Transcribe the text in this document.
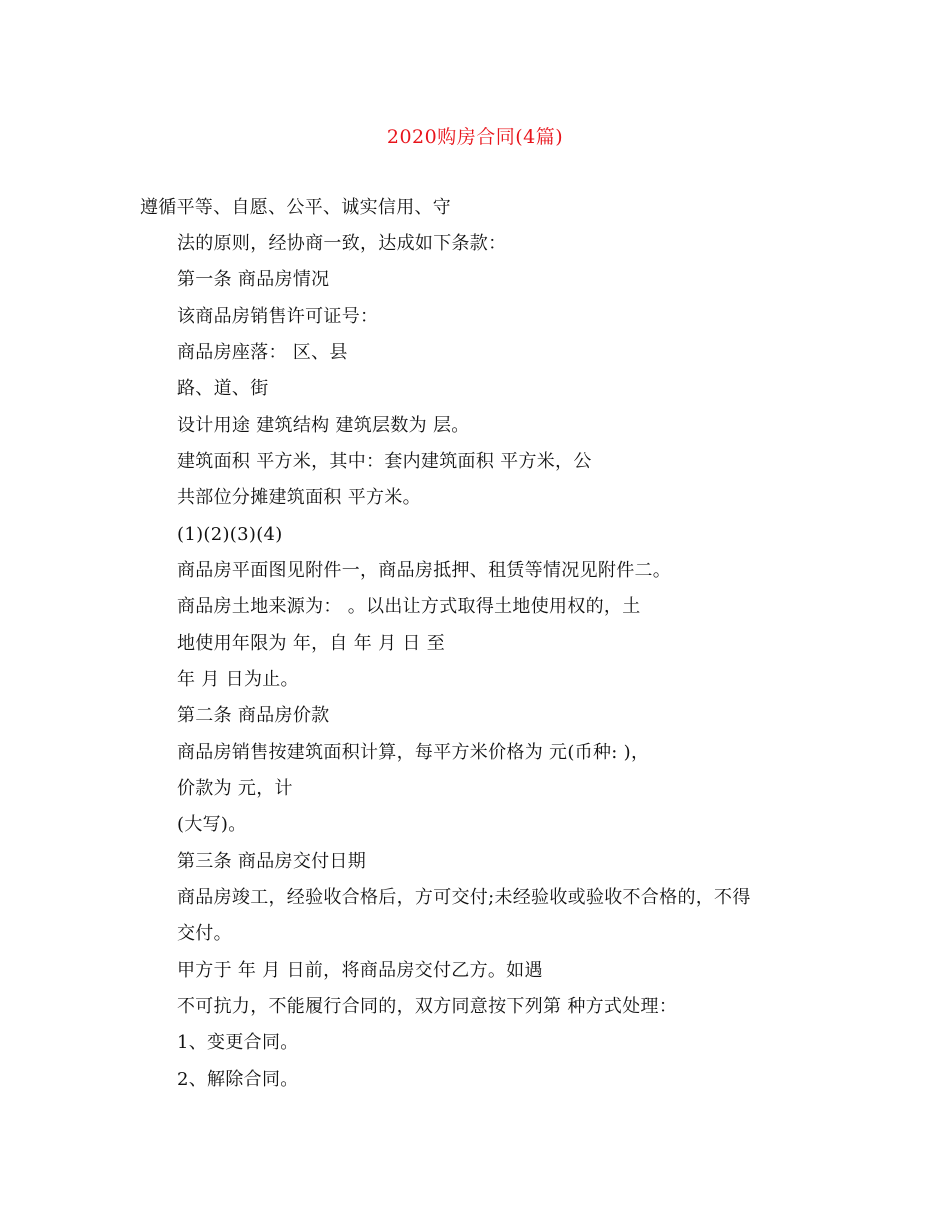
2020购房合同(4篇)
遵循平等、自愿、公平、诚实信用、守
法的原则，经协商一致，达成如下条款：
第一条 商品房情况
该商品房销售许可证号：
商品房座落： 区、县
路、道、街
设计用途 建筑结构 建筑层数为 层。
建筑面积 平方米，其中：套内建筑面积 平方米，公
共部位分摊建筑面积 平方米。
(1)(2)(3)(4)
商品房平面图见附件一，商品房抵押、租赁等情况见附件二。
商品房土地来源为： 。以出让方式取得土地使用权的，土
地使用年限为 年，自 年 月 日 至
年 月 日为止。
第二条 商品房价款
商品房销售按建筑面积计算，每平方米价格为 元(币种: )，
价款为 元，计
(大写)。
第三条 商品房交付日期
商品房竣工，经验收合格后，方可交付;未经验收或验收不合格的，不得
交付。
甲方于 年 月 日前，将商品房交付乙方。如遇
不可抗力，不能履行合同的，双方同意按下列第 种方式处理：
1、变更合同。
2、解除合同。
